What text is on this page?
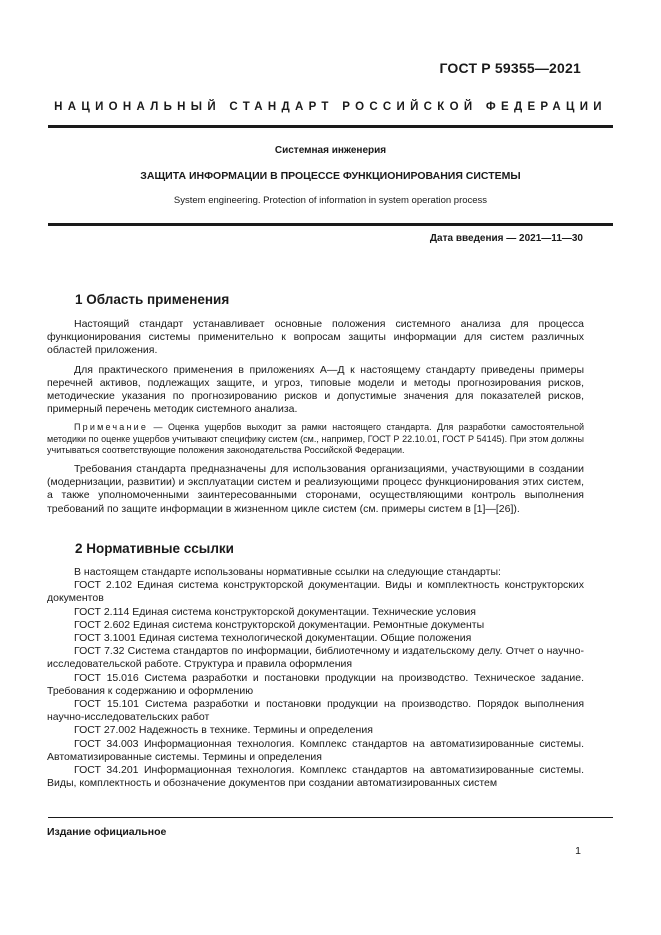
ГОСТ Р 59355—2021
НАЦИОНАЛЬНЫЙ СТАНДАРТ РОССИЙСКОЙ ФЕДЕРАЦИИ
Системная инженерия
ЗАЩИТА ИНФОРМАЦИИ В ПРОЦЕССЕ ФУНКЦИОНИРОВАНИЯ СИСТЕМЫ
System engineering. Protection of information in system operation process
Дата введения — 2021—11—30
1 Область применения

Настоящий стандарт устанавливает основные положения системного анализа для процесса функционирования системы применительно к вопросам защиты информации для систем различных областей приложения.

Для практического применения в приложениях А—Д к настоящему стандарту приведены примеры перечней активов, подлежащих защите, и угроз, типовые модели и методы прогнозирования рисков, методические указания по прогнозированию рисков и допустимые значения для показателей рисков, примерный перечень методик системного анализа.

Примечание — Оценка ущербов выходит за рамки настоящего стандарта. Для разработки самостоятельной методики по оценке ущербов учитывают специфику систем (см., например, ГОСТ Р 22.10.01, ГОСТ Р 54145). При этом должны учитываться соответствующие положения законодательства Российской Федерации.

Требования стандарта предназначены для использования организациями, участвующими в создании (модернизации, развитии) и эксплуатации систем и реализующими процесс функционирования этих систем, а также уполномоченными заинтересованными сторонами, осуществляющими контроль выполнения требований по защите информации в жизненном цикле систем (см. примеры систем в [1]—[26]).

2 Нормативные ссылки

В настоящем стандарте использованы нормативные ссылки на следующие стандарты:

ГОСТ 2.102 Единая система конструкторской документации. Виды и комплектность конструкторских документов

ГОСТ 2.114 Единая система конструкторской документации. Технические условия

ГОСТ 2.602 Единая система конструкторской документации. Ремонтные документы

ГОСТ 3.1001 Единая система технологической документации. Общие положения

ГОСТ 7.32 Система стандартов по информации, библиотечному и издательскому делу. Отчет о научно-исследовательской работе. Структура и правила оформления

ГОСТ 15.016 Система разработки и постановки продукции на производство. Техническое задание. Требования к содержанию и оформлению

ГОСТ 15.101 Система разработки и постановки продукции на производство. Порядок выполнения научно-исследовательских работ

ГОСТ 27.002 Надежность в технике. Термины и определения

ГОСТ 34.003 Информационная технология. Комплекс стандартов на автоматизированные системы. Автоматизированные системы. Термины и определения

ГОСТ 34.201 Информационная технология. Комплекс стандартов на автоматизированные системы. Виды, комплектность и обозначение документов при создании автоматизированных систем

Издание официальное
1
